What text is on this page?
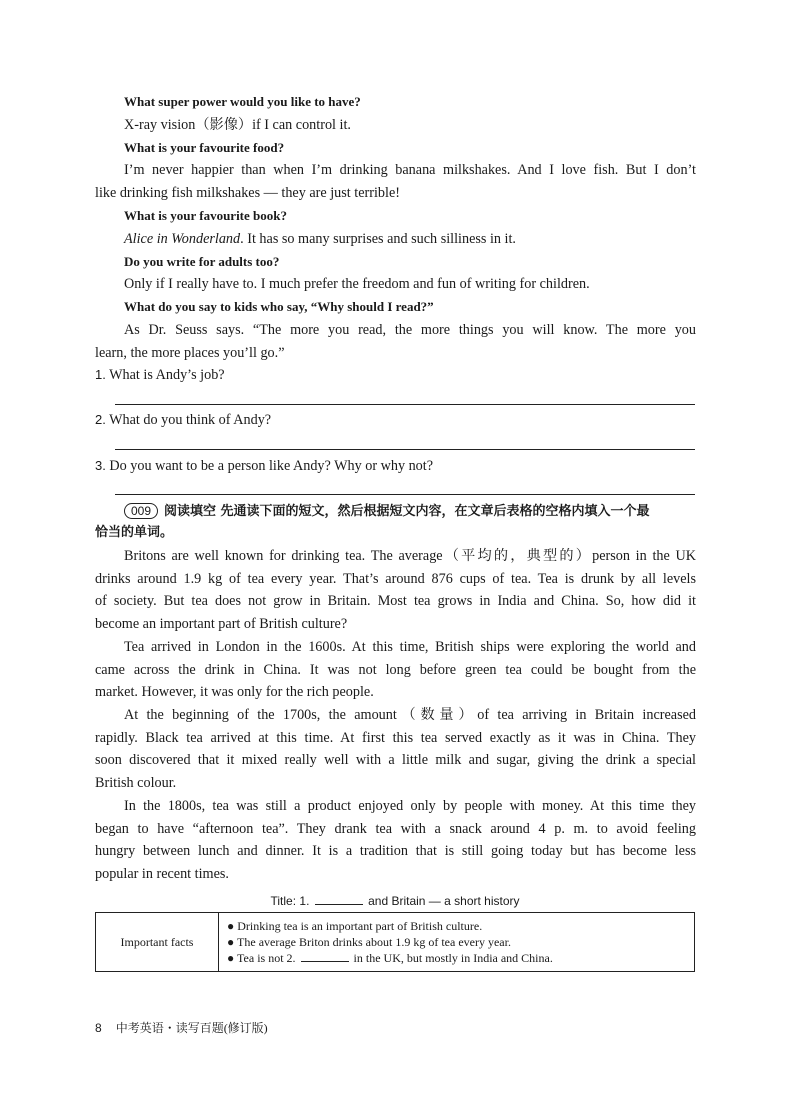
What super power would you like to have?
X-ray vision（影像）if I can control it.
What is your favourite food?
I’m never happier than when I’m drinking banana milkshakes. And I love fish. But I don’t
like drinking fish milkshakes — they are just terrible!
What is your favourite book?
Alice in Wonderland. It has so many surprises and such silliness in it.
Do you write for adults too?
Only if I really have to. I much prefer the freedom and fun of writing for children.
What do you say to kids who say, “Why should I read?”
As Dr. Seuss says. “The more you read, the more things you will know. The more you
learn, the more places you’ll go.”
1. What is Andy’s job?
2. What do you think of Andy?
3. Do you want to be a person like Andy? Why or why not?
009 阅读填空 先通读下面的短文，然后根据短文内容，在文章后表格的空格内填入一个最
恰当的单词。
Britons are well known for drinking tea. The average（平均的，典型的）person in the UK
drinks around 1.9 kg of tea every year. That’s around 876 cups of tea. Tea is drunk by all levels
of society. But tea does not grow in Britain. Most tea grows in India and China. So, how did it
become an important part of British culture?
Tea arrived in London in the 1600s. At this time, British ships were exploring the world and
came across the drink in China. It was not long before green tea could be bought from the
market. However, it was only for the rich people.
At the beginning of the 1700s, the amount（数量）of tea arriving in Britain increased
rapidly. Black tea arrived at this time. At first this tea served exactly as it was in China. They
soon discovered that it mixed really well with a little milk and sugar, giving the drink a special
British colour.
In the 1800s, tea was still a product enjoyed only by people with money. At this time they
began to have “afternoon tea”. They drank tea with a snack around 4 p. m. to avoid feeling
hungry between lunch and dinner. It is a tradition that is still going today but has become less
popular in recent times.
Title: 1.	and Britain — a short history
Important facts
● Drinking tea is an important part of British culture.
● The average Briton drinks about 1.9 kg of tea every year.
● Tea is not 2.	in the UK, but mostly in India and China.
8 中考英语・读写百题(修订版)
